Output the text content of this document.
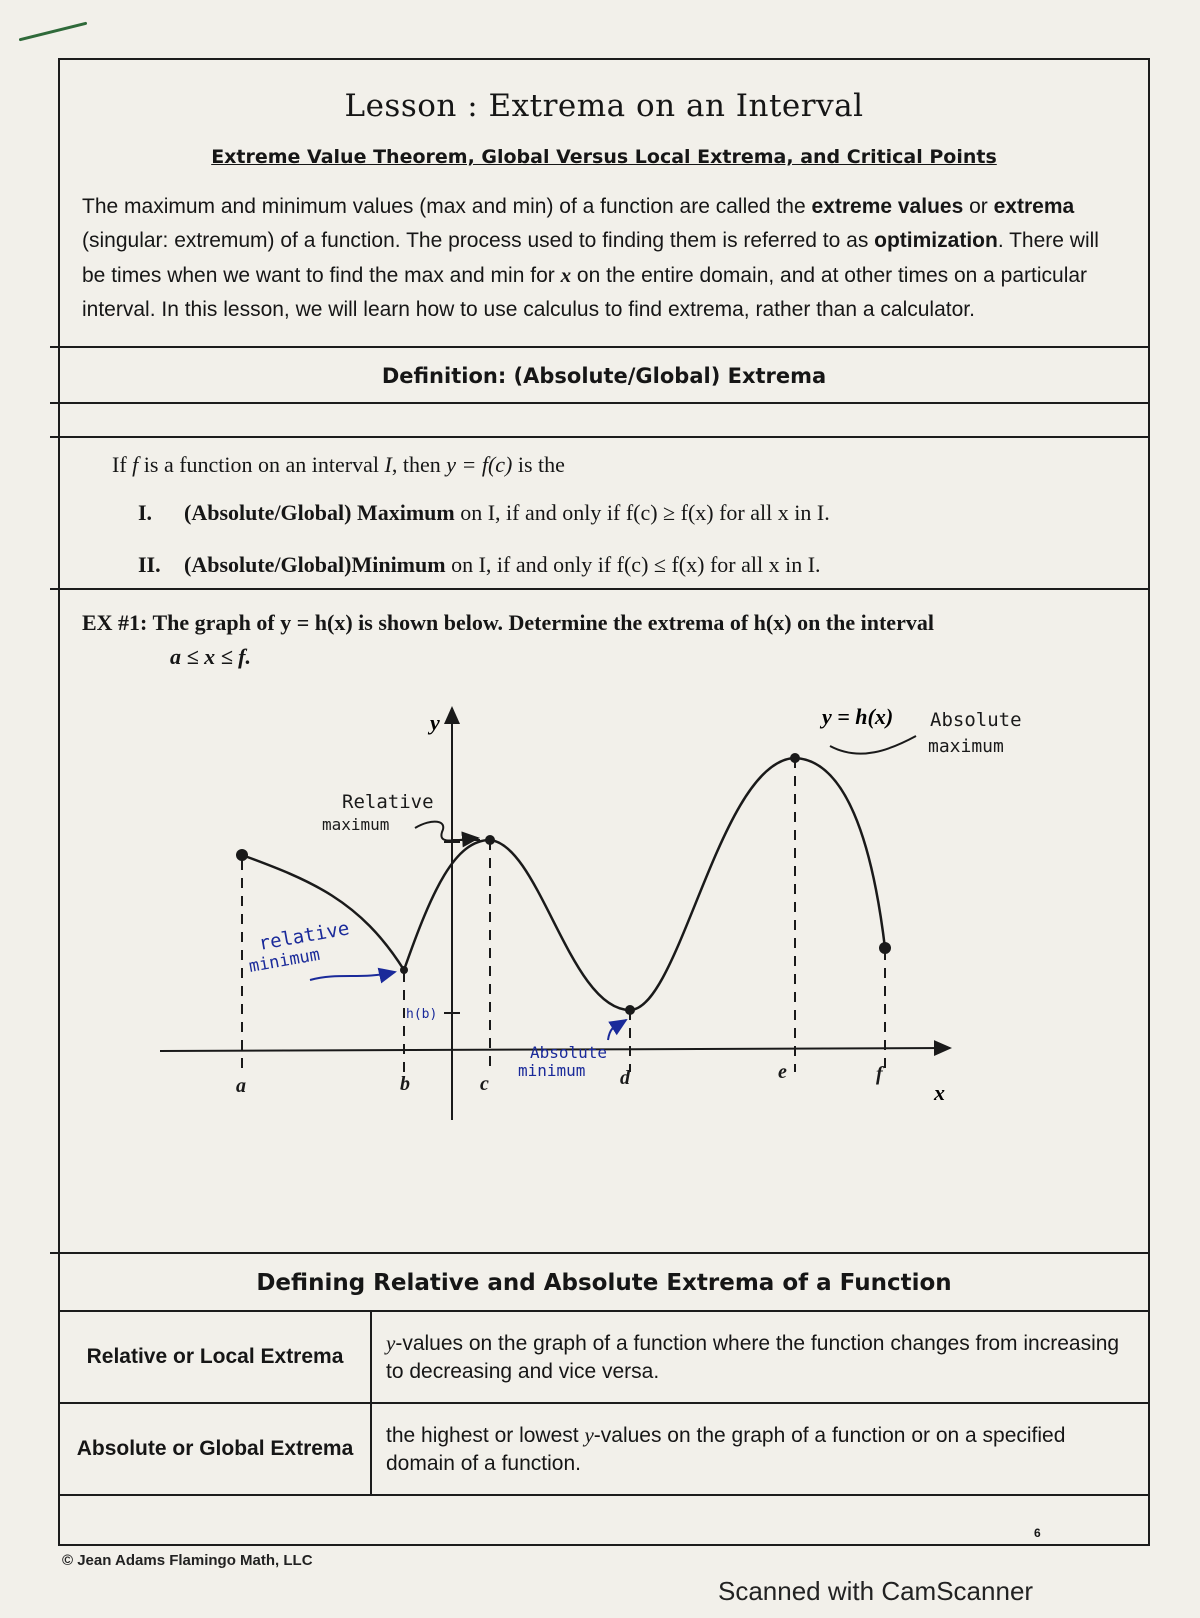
Lesson : Extrema on an Interval
Extreme Value Theorem, Global Versus Local Extrema, and Critical Points
The maximum and minimum values (max and min) of a function are called the extreme values or extrema (singular: extremum) of a function. The process used to finding them is referred to as optimization. There will be times when we want to find the max and min for x on the entire domain, and at other times on a particular interval. In this lesson, we will learn how to use calculus to find extrema, rather than a calculator.
Definition: (Absolute/Global) Extrema
If f is a function on an interval I, then y = f(c) is the
I. (Absolute/Global) Maximum on I, if and only if f(c) ≥ f(x) for all x in I.
II. (Absolute/Global)Minimum on I, if and only if f(c) ≤ f(x) for all x in I.
EX #1: The graph of y = h(x) is shown below. Determine the extrema of h(x) on the interval
a ≤ x ≤ f.
y
x
a	b	c	d	e	f
y = h(x) Absolute
maximum
Relative
maximum
relative
minimum
Absolute
minimum
h(b)
Defining Relative and Absolute Extrema of a Function
Relative or Local Extrema	y-values on the graph of a function where the function changes from increasing to decreasing and vice versa.
Absolute or Global Extrema	the highest or lowest y-values on the graph of a function or on a specified domain of a function.
6
© Jean Adams Flamingo Math, LLC
Scanned with CamScanner
